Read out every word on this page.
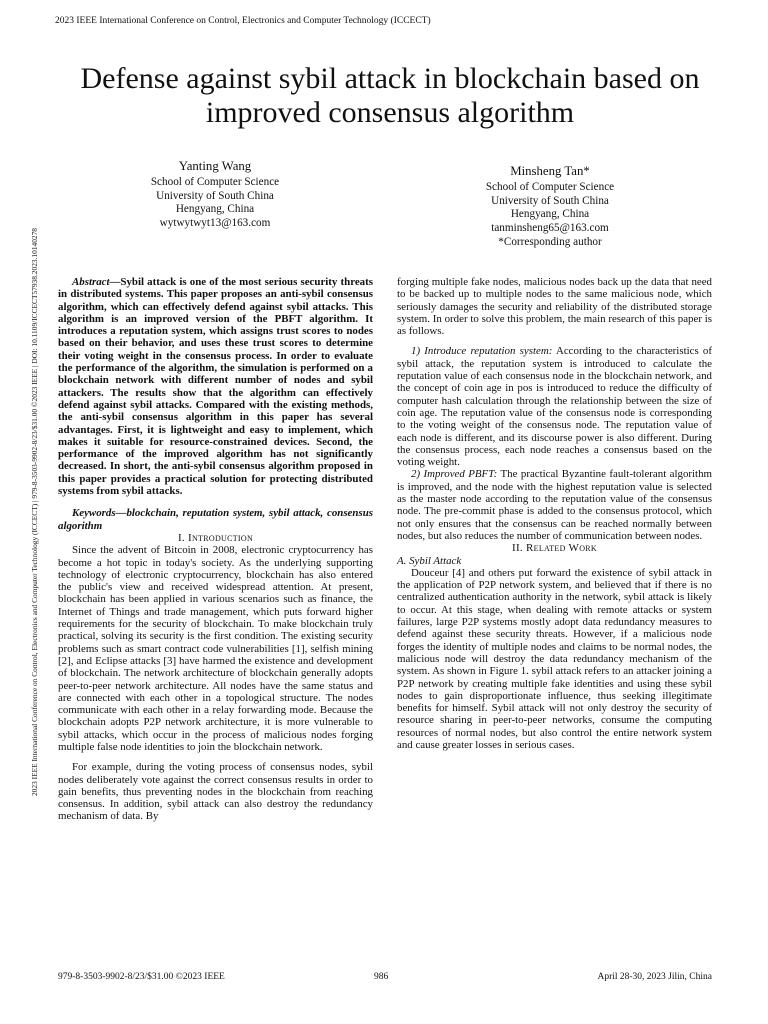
2023 IEEE International Conference on Control, Electronics and Computer Technology (ICCECT)
2023 IEEE International Conference on Control, Electronics and Computer Technology (ICCECT) | 979-8-3503-9902-8/23/$31.00 ©2023 IEEE | DOI: 10.1109/ICCECT57938.2023.10140278
Defense against sybil attack in blockchain based on improved consensus algorithm
Yanting Wang
School of Computer Science
University of South China
Hengyang, China
wytwytwyt13@163.com
Minsheng Tan*
School of Computer Science
University of South China
Hengyang, China
tanminsheng65@163.com
*Corresponding author

Abstract—Sybil attack is one of the most serious security threats in distributed systems. This paper proposes an anti-sybil consensus algorithm, which can effectively defend against sybil attacks. This algorithm is an improved version of the PBFT algorithm. It introduces a reputation system, which assigns trust scores to nodes based on their behavior, and uses these trust scores to determine their voting weight in the consensus process. In order to evaluate the performance of the algorithm, the simulation is performed on a blockchain network with different number of nodes and sybil attackers. The results show that the algorithm can effectively defend against sybil attacks. Compared with the existing methods, the anti-sybil consensus algorithm in this paper has several advantages. First, it is lightweight and easy to implement, which makes it suitable for resource-constrained devices. Second, the performance of the improved algorithm has not significantly decreased. In short, the anti-sybil consensus algorithm proposed in this paper provides a practical solution for protecting distributed systems from sybil attacks.

Keywords—blockchain, reputation system, sybil attack, consensus algorithm

I. Introduction

Since the advent of Bitcoin in 2008, electronic cryptocurrency has become a hot topic in today's society. As the underlying supporting technology of electronic cryptocurrency, blockchain has also entered the public's view and received widespread attention. At present, blockchain has been applied in various scenarios such as finance, the Internet of Things and trade management, which puts forward higher requirements for the security of blockchain. To make blockchain truly practical, solving its security is the first condition. The existing security problems such as smart contract code vulnerabilities [1], selfish mining [2], and Eclipse attacks [3] have harmed the existence and development of blockchain. The network architecture of blockchain generally adopts peer-to-peer network architecture. All nodes have the same status and are connected with each other in a topological structure. The nodes communicate with each other in a relay forwarding mode. Because the blockchain adopts P2P network architecture, it is more vulnerable to sybil attacks, which occur in the process of malicious nodes forging multiple false node identities to join the blockchain network.

For example, during the voting process of consensus nodes, sybil nodes deliberately vote against the correct consensus results in order to gain benefits, thus preventing nodes in the blockchain from reaching consensus. In addition, sybil attack can also destroy the redundancy mechanism of data. By

forging multiple fake nodes, malicious nodes back up the data that need to be backed up to multiple nodes to the same malicious node, which seriously damages the security and reliability of the distributed storage system. In order to solve this problem, the main research of this paper is as follows.

1) Introduce reputation system: According to the characteristics of sybil attack, the reputation system is introduced to calculate the reputation value of each consensus node in the blockchain network, and the concept of coin age in pos is introduced to reduce the difficulty of computer hash calculation through the relationship between the size of coin age. The reputation value of the consensus node is corresponding to the voting weight of the consensus node. The reputation value of each node is different, and its discourse power is also different. During the consensus process, each node reaches a consensus based on the voting weight.

2) Improved PBFT: The practical Byzantine fault-tolerant algorithm is improved, and the node with the highest reputation value is selected as the master node according to the reputation value of the consensus node. The pre-commit phase is added to the consensus protocol, which not only ensures that the consensus can be reached normally between nodes, but also reduces the number of communication between nodes.

II. Related Work

A. Sybil Attack

Douceur [4] and others put forward the existence of sybil attack in the application of P2P network system, and believed that if there is no centralized authentication authority in the network, sybil attack is likely to occur. At this stage, when dealing with remote attacks or system failures, large P2P systems mostly adopt data redundancy measures to defend against these security threats. However, if a malicious node forges the identity of multiple nodes and claims to be normal nodes, the malicious node will destroy the data redundancy mechanism of the system. As shown in Figure 1. sybil attack refers to an attacker joining a P2P network by creating multiple fake identities and using these sybil nodes to gain disproportionate influence, thus seeking illegitimate benefits for himself. Sybil attack will not only destroy the security of resource sharing in peer-to-peer networks, consume the computing resources of normal nodes, but also control the entire network system and cause greater losses in serious cases.

979-8-3503-9902-8/23/$31.00 ©2023 IEEE	986	April 28-30, 2023 Jilin, China
